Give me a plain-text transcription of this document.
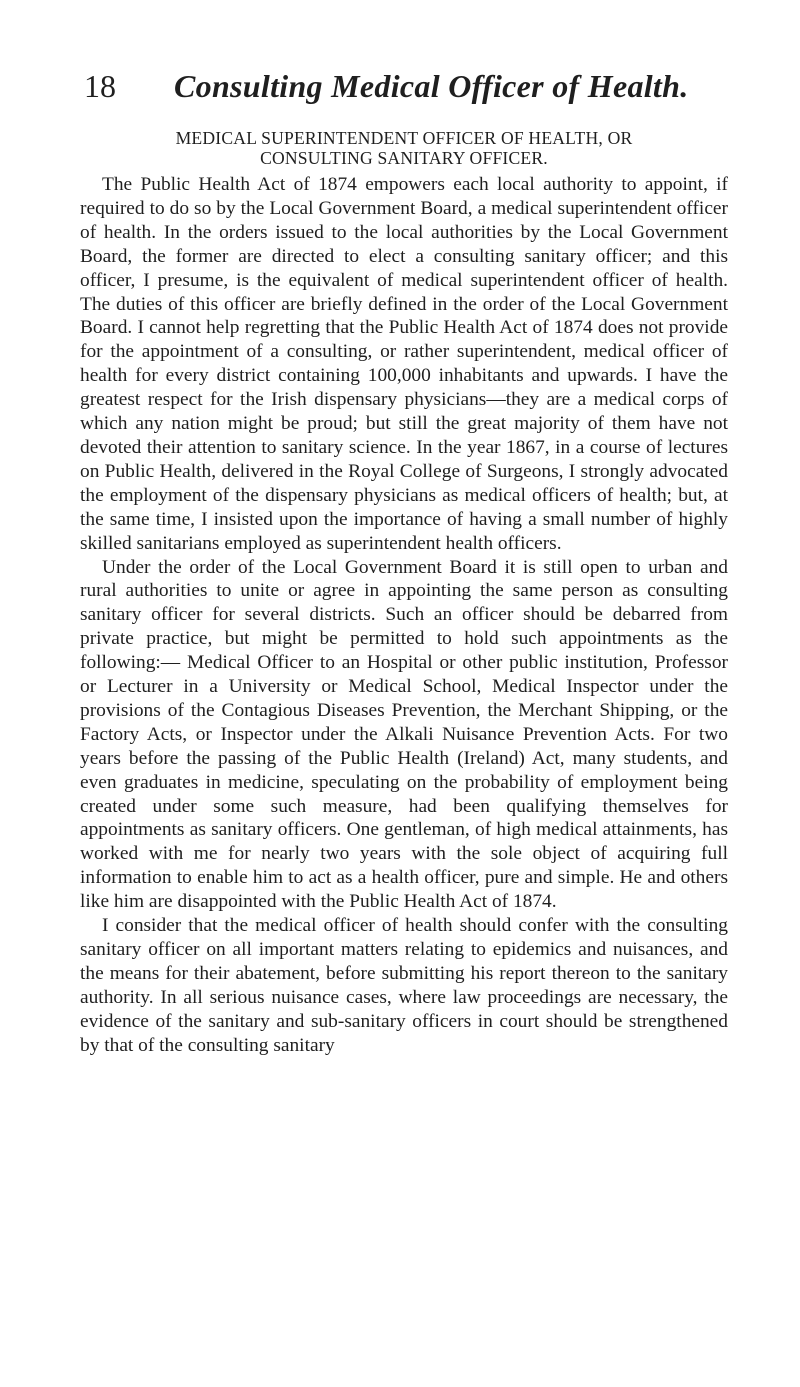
18 Consulting Medical Officer of Health.
MEDICAL SUPERINTENDENT OFFICER OF HEALTH, OR
CONSULTING SANITARY OFFICER.

The Public Health Act of 1874 empowers each local authority to appoint, if required to do so by the Local Government Board, a medical superintendent officer of health. In the orders issued to the local authorities by the Local Government Board, the former are directed to elect a consulting sanitary officer; and this officer, I presume, is the equivalent of medical superintendent officer of health. The duties of this officer are briefly defined in the order of the Local Government Board. I cannot help regretting that the Public Health Act of 1874 does not provide for the appointment of a consulting, or rather superintendent, medical officer of health for every district containing 100,000 inhabitants and upwards. I have the greatest respect for the Irish dispensary physicians—they are a medical corps of which any nation might be proud; but still the great majority of them have not devoted their attention to sanitary science. In the year 1867, in a course of lectures on Public Health, delivered in the Royal College of Surgeons, I strongly advocated the employment of the dispensary physicians as medical officers of health; but, at the same time, I insisted upon the importance of having a small number of highly skilled sanitarians employed as superintendent health officers.

Under the order of the Local Government Board it is still open to urban and rural authorities to unite or agree in appointing the same person as consulting sanitary officer for several districts. Such an officer should be debarred from private practice, but might be permitted to hold such appointments as the following:— Medical Officer to an Hospital or other public institution, Professor or Lecturer in a University or Medical School, Medical Inspector under the provisions of the Contagious Diseases Prevention, the Merchant Shipping, or the Factory Acts, or Inspector under the Alkali Nuisance Prevention Acts. For two years before the passing of the Public Health (Ireland) Act, many students, and even graduates in medicine, speculating on the probability of employment being created under some such measure, had been qualifying themselves for appointments as sanitary officers. One gentleman, of high medical attainments, has worked with me for nearly two years with the sole object of acquiring full information to enable him to act as a health officer, pure and simple. He and others like him are disappointed with the Public Health Act of 1874.

I consider that the medical officer of health should confer with the consulting sanitary officer on all important matters relating to epidemics and nuisances, and the means for their abatement, before submitting his report thereon to the sanitary authority. In all serious nuisance cases, where law proceedings are necessary, the evidence of the sanitary and sub-sanitary officers in court should be strengthened by that of the consulting sanitary
